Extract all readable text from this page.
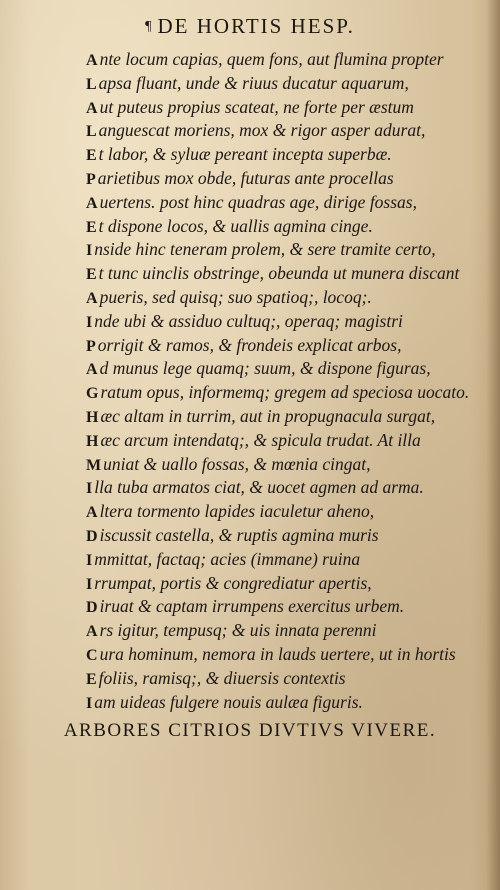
¶ DE HORTIS HESP.
A nte locum capias, quem fons, aut flumina propter
L apsa fluant, unde & riuus ducatur aquarum,
A ut puteus propius scateat, ne forte per æstum
L anguescat moriens, mox & rigor asper adurat,
E t labor, & syluæ pereant incepta superbæ.
P arietibus mox obde, futuras ante procellas
A uertens. post hinc quadras age, dirige fossas,
E t dispone locos, & uallis agmina cinge.
I nside hinc teneram prolem, & sere tramite certo,
E t tunc uinclis obstringe, obeunda ut munera discant
A pueris, sed quisq; suo spatioq;, locoq;.
I nde ubi & assiduo cultuq;, operaq; magistri
P orrigit & ramos, & frondeis explicat arbos,
A d munus lege quamq; suum, & dispone figuras,
G ratum opus, informemq; gregem ad speciosa uocato.
H æc altam in turrim, aut in propugnacula surgat,
H æc arcum intendatq;, & spicula trudat. At illa
M uniat & uallo fossas, & mœnia cingat,
I lla tuba armatos ciat, & uocet agmen ad arma.
A ltera tormento lapides iaculetur aheno,
D iscussit castella, & ruptis agmina muris
I mmittat, factaq; acies (immane) ruina
I rrumpat, portis & congrediatur apertis,
D iruat & captam irrumpens exercitus urbem.
A rs igitur, tempusq; & uis innata perenni
C ura hominum, nemora in lauds uertere, ut in hortis
E foliis, ramisq;, & diuersis contextis
I am uideas fulgere nouis aulæa figuris.
ARBORES CITRIOS DIVTIVS VIVERE.
